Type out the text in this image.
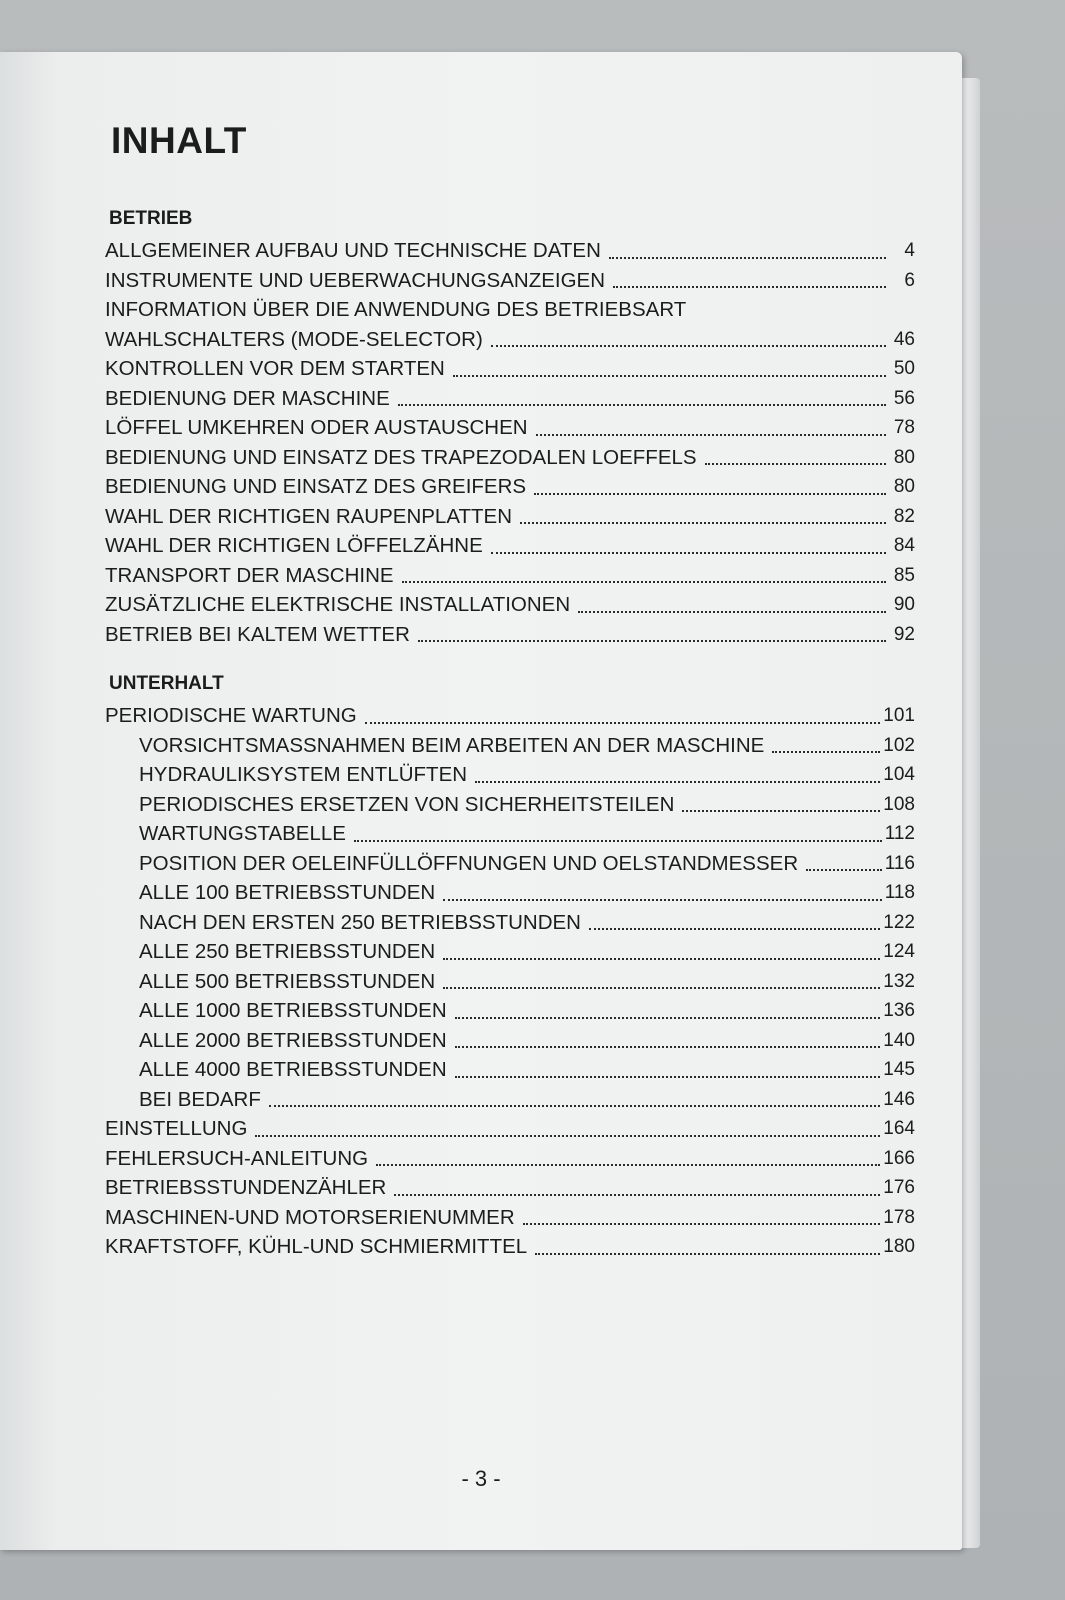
INHALT
BETRIEB
ALLGEMEINER AUFBAU UND TECHNISCHE DATEN	4
INSTRUMENTE UND UEBERWACHUNGSANZEIGEN	6
INFORMATION ÜBER DIE ANWENDUNG DES BETRIEBSART
WAHLSCHALTERS (MODE-SELECTOR)	46
KONTROLLEN VOR DEM STARTEN	50
BEDIENUNG DER MASCHINE	56
LÖFFEL UMKEHREN ODER AUSTAUSCHEN	78
BEDIENUNG UND EINSATZ DES TRAPEZODALEN LOEFFELS	80
BEDIENUNG UND EINSATZ DES GREIFERS	80
WAHL DER RICHTIGEN RAUPENPLATTEN	82
WAHL DER RICHTIGEN LÖFFELZÄHNE	84
TRANSPORT DER MASCHINE	85
ZUSÄTZLICHE ELEKTRISCHE INSTALLATIONEN	90
BETRIEB BEI KALTEM WETTER	92
UNTERHALT
PERIODISCHE WARTUNG	101
VORSICHTSMASSNAHMEN BEIM ARBEITEN AN DER MASCHINE	102
HYDRAULIKSYSTEM ENTLÜFTEN	104
PERIODISCHES ERSETZEN VON SICHERHEITSTEILEN	108
WARTUNGSTABELLE	112
POSITION DER OELEINFÜLLÖFFNUNGEN UND OELSTANDMESSER	116
ALLE 100 BETRIEBSSTUNDEN	118
NACH DEN ERSTEN 250 BETRIEBSSTUNDEN	122
ALLE 250 BETRIEBSSTUNDEN	124
ALLE 500 BETRIEBSSTUNDEN	132
ALLE 1000 BETRIEBSSTUNDEN	136
ALLE 2000 BETRIEBSSTUNDEN	140
ALLE 4000 BETRIEBSSTUNDEN	145
BEI BEDARF	146
EINSTELLUNG	164
FEHLERSUCH-ANLEITUNG	166
BETRIEBSSTUNDENZÄHLER	176
MASCHINEN-UND MOTORSERIENUMMER	178
KRAFTSTOFF, KÜHL-UND SCHMIERMITTEL	180
- 3 -
